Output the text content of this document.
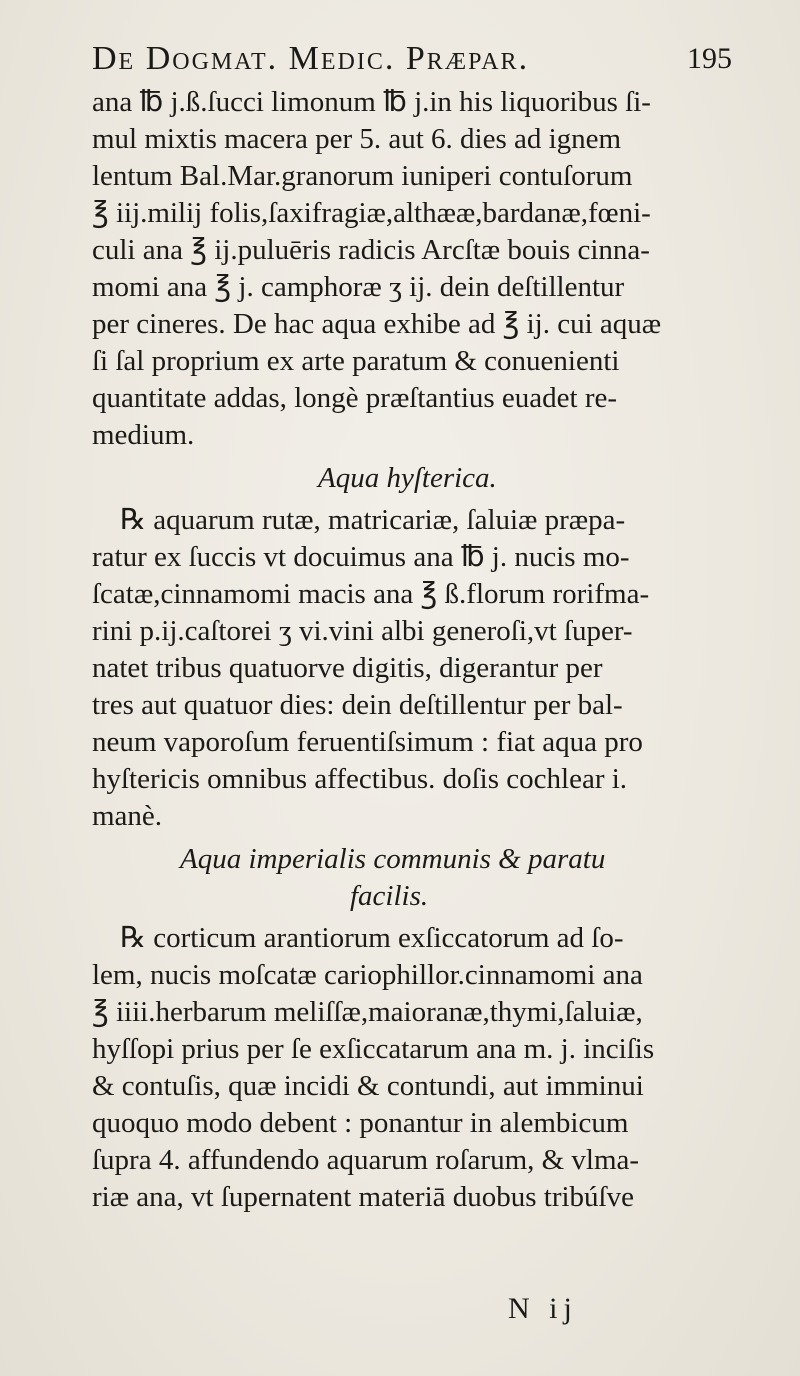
De Dogmat. Medic. Præpar.	195
ana ℔ j.ß.ſucci limonum ℔ j.in his liquoribus ſi-
mul mixtis macera per 5. aut 6. dies ad ignem
lentum Bal.Mar.granorum iuniperi contuſorum
℥ iij.milij folis,ſaxifragiæ,althææ,bardanæ,fœni-
culi ana ℥ ij.puluēris radicis Arcſtæ bouis cinna-
momi ana ℥ j. camphoræ ʒ ij. dein deſtillentur
per cineres. De hac aqua exhibe ad ℥ ij. cui aquæ
ſi ſal proprium ex arte paratum & conuenienti
quantitate addas, longè præſtantius euadet re-
medium.
Aqua hyſterica.
℞ aquarum rutæ, matricariæ, ſaluiæ præpa-
ratur ex ſuccis vt docuimus ana ℔ j. nucis mo-
ſcatæ,cinnamomi macis ana ℥ ß.florum rorifma-
rini p.ij.caſtorei ʒ vi.vini albi generoſi,vt ſuper-
natet tribus quatuorve digitis, digerantur per
tres aut quatuor dies: dein deſtillentur per bal-
neum vaporoſum feruentiſsimum : fiat aqua pro
hyſtericis omnibus affectibus. doſis cochlear i.
manè.
Aqua imperialis communis & paratu
facilis.
℞ corticum arantiorum exſiccatorum ad ſo-
lem, nucis moſcatæ cariophillor.cinnamomi ana
℥ iiii.herbarum meliſſæ,maioranæ,thymi,ſaluiæ,
hyſſopi prius per ſe exſiccatarum ana m. j. inciſis
& contuſis, quæ incidi & contundi, aut imminui
quoquo modo debent : ponantur in alembicum
ſupra 4. affundendo aquarum roſarum, & vlma-
riæ ana, vt ſupernatent materiā duobus tribúſve
N ij
